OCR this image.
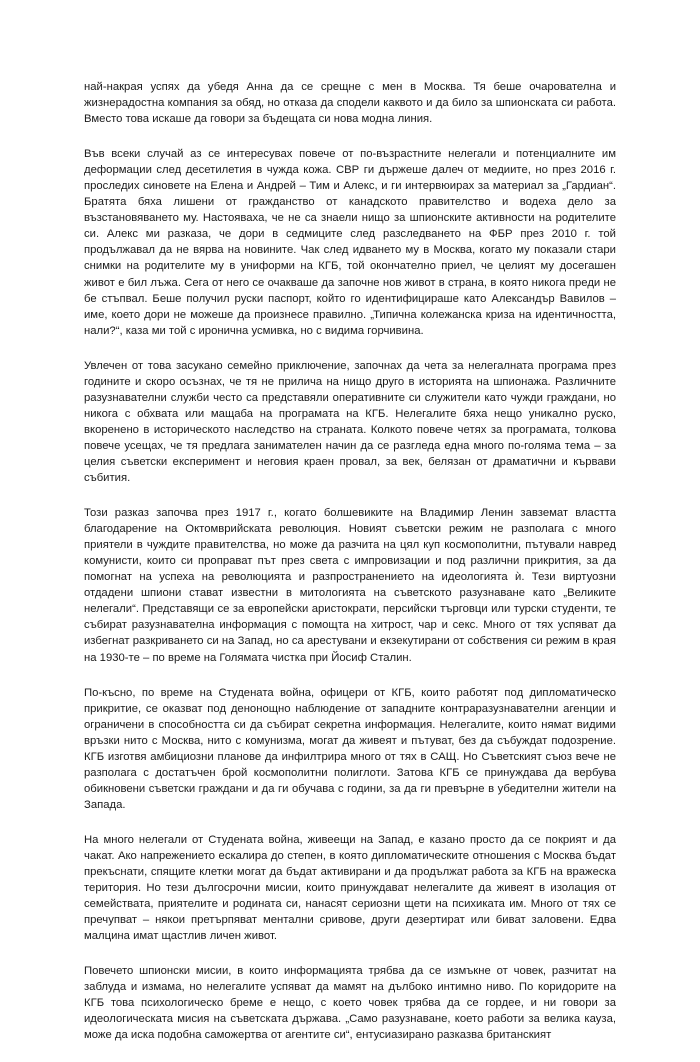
най-накрая успях да убедя Анна да се срещне с мен в Москва. Тя беше очарователна и жизнерадостна компания за обяд, но отказа да сподели каквото и да било за шпионската си работа. Вместо това искаше да говори за бъдещата си нова модна линия.

Във всеки случай аз се интересувах повече от по-възрастните нелегали и потенциалните им деформации след десетилетия в чужда кожа. СВР ги държеше далеч от медиите, но през 2016 г. проследих синовете на Елена и Андрей – Тим и Алекс, и ги интервюирах за материал за „Гардиан“. Братята бяха лишени от гражданство от канадското правителство и водеха дело за възстановяването му. Настояваха, че не са знаели нищо за шпионските активности на родителите си. Алекс ми разказа, че дори в седмиците след разследването на ФБР през 2010 г. той продължавал да не вярва на новините. Чак след идването му в Москва, когато му показали стари снимки на родителите му в униформи на КГБ, той окончателно приел, че целият му досегашен живот е бил лъжа. Сега от него се очакваше да започне нов живот в страна, в която никога преди не бе стъпвал. Беше получил руски паспорт, който го идентифицираше като Александър Вавилов – име, което дори не можеше да произнесе правилно. „Типична колежанска криза на идентичността, нали?“, каза ми той с иронична усмивка, но с видима горчивина.

Увлечен от това засукано семейно приключение, започнах да чета за нелегалната програма през годините и скоро осъзнах, че тя не прилича на нищо друго в историята на шпионажа. Различните разузнавателни служби често са представяли оперативните си служители като чужди граждани, но никога с обхвата или мащаба на програмата на КГБ. Нелегалите бяха нещо уникално руско, вкоренено в историческото наследство на страната. Колкото повече четях за програмата, толкова повече усещах, че тя предлага занимателен начин да се разгледа една много по-голяма тема – за целия съветски експеримент и неговия краен провал, за век, белязан от драматични и кървави събития.

Този разказ започва през 1917 г., когато болшевиките на Владимир Ленин завземат властта благодарение на Октомврийската революция. Новият съветски режим не разполага с много приятели в чуждите правителства, но може да разчита на цял куп космополитни, пътували навред комунисти, които си проправат път през света с импровизации и под различни прикрития, за да помогнат на успеха на революцията и разпространението на идеологията ѝ. Тези виртуозни отдадени шпиони стават известни в митологията на съветското разузнаване като „Великите нелегали“. Представящи се за европейски аристократи, персийски търговци или турски студенти, те събират разузнавателна информация с помощта на хитрост, чар и секс. Много от тях успяват да избегнат разкриването си на Запад, но са арестувани и екзекутирани от собствения си режим в края на 1930-те – по време на Голямата чистка при Йосиф Сталин.

По-късно, по време на Студената война, офицери от КГБ, които работят под дипломатическо прикритие, се оказват под денонощно наблюдение от западните контраразузнавателни агенции и ограничени в способността си да събират секретна информация. Нелегалите, които нямат видими връзки нито с Москва, нито с комунизма, могат да живеят и пътуват, без да събуждат подозрение. КГБ изготвя амбициозни планове да инфилтрира много от тях в САЩ. Но Съветският съюз вече не разполага с достатъчен брой космополитни полиглоти. Затова КГБ се принуждава да вербува обикновени съветски граждани и да ги обучава с години, за да ги превърне в убедителни жители на Запада.

На много нелегали от Студената война, живеещи на Запад, е казано просто да се покрият и да чакат. Ако напрежението ескалира до степен, в която дипломатическите отношения с Москва бъдат прекъснати, спящите клетки могат да бъдат активирани и да продължат работа за КГБ на вражеска територия. Но тези дългосрочни мисии, които принуждават нелегалите да живеят в изолация от семействата, приятелите и родината си, нанасят сериозни щети на психиката им. Много от тях се пречупват – някои претърпяват ментални сривове, други дезертират или биват заловени. Едва малцина имат щастлив личен живот.

Повечето шпионски мисии, в които информацията трябва да се измъкне от човек, разчитат на заблуда и измама, но нелегалите успяват да мамят на дълбоко интимно ниво. По коридорите на КГБ това психологическо бреме е нещо, с което човек трябва да се гордее, и ни говори за идеологическата мисия на съветската държава. „Само разузнаване, което работи за велика кауза, може да иска подобна саможертва от агентите си“, ентусиазирано разказва британският
